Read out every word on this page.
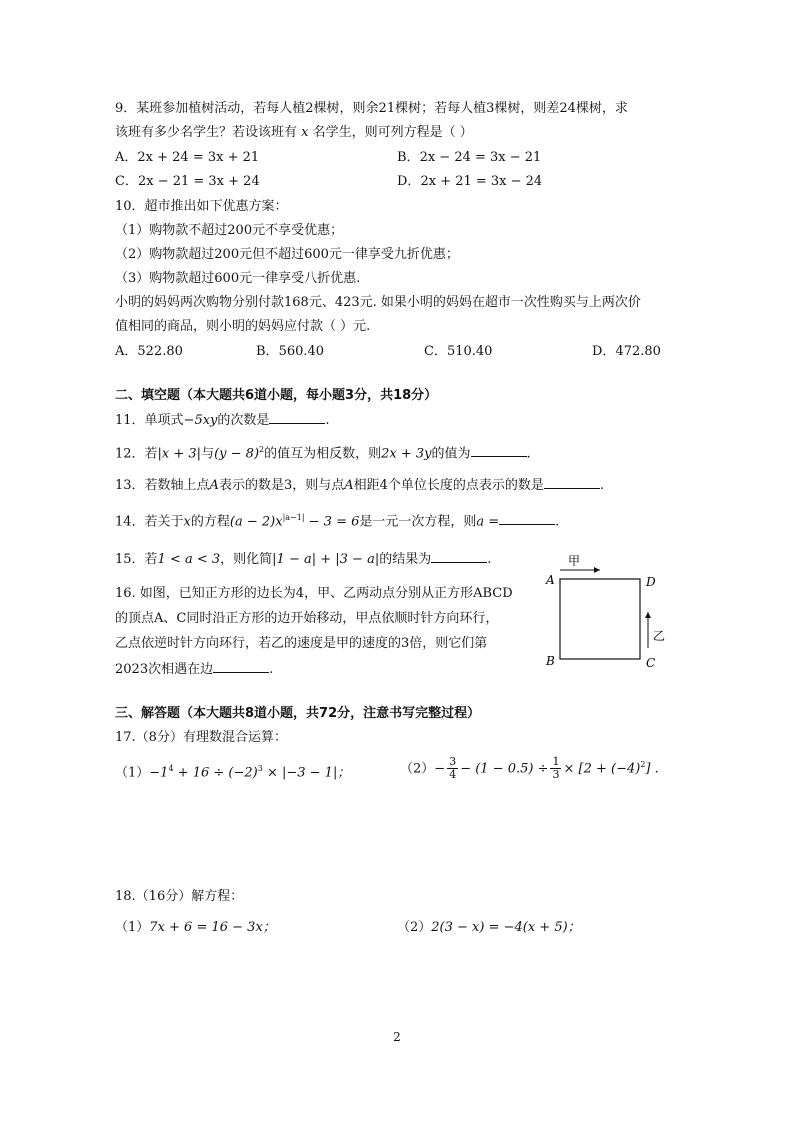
9．某班参加植树活动，若每人植2棵树，则余21棵树；若每人植3棵树，则差24棵树，求
该班有多少名学生？若设该班有 x 名学生，则可列方程是（ ）
A．2x + 24 = 3x + 21	B．2x − 24 = 3x − 21
C．2x − 21 = 3x + 24	D．2x + 21 = 3x − 24
10．超市推出如下优惠方案：
（1）购物款不超过200元不享受优惠；
（2）购物款超过200元但不超过600元一律享受九折优惠；
（3）购物款超过600元一律享受八折优惠.
小明的妈妈两次购物分别付款168元、423元. 如果小明的妈妈在超市一次性购买与上两次价
值相同的商品，则小明的妈妈应付款（ ）元.
A．522.80	B．560.40	C．510.40	D．472.80
二、填空题（本大题共6道小题，每小题3分，共18分）
11．单项式−5xy的次数是	.
12．若|x + 3|与$(y - 8)^2$的值互为相反数，则2x + 3y的值为	.
13．若数轴上点A表示的数是3，则与点A相距4个单位长度的点表示的数是	.
14．若关于x的方程$(a - 2)x^{|a-1|} - 3 = 6$是一元一次方程，则a =	.
15．若1 < a < 3，则化简|1 − a| + |3 − a|的结果为	.
16. 如图，已知正方形的边长为4，甲、乙两动点分别从正方形ABCD
的顶点A、C同时沿正方形的边开始移动，甲点依顺时针方向环行，
乙点依逆时针方向环行，若乙的速度是甲的速度的3倍，则它们第
2023次相遇在边	.
甲
乙
A	D
B	C
三、解答题（本大题共8道小题，共72分，注意书写完整过程）
17.（8分）有理数混合运算：
$(1)-1^4 + 16 \div (-2)^3 \times |-3 - 1|$；	$(2)- \frac{3}{4} - (1 - 0.5) \div \frac{1}{3} \times [2 + (-4)^2]$ .
18.（16分）解方程：
（1）7x + 6 = 16 − 3x；	（2）2(3 − x) = −4(x + 5)；
2
